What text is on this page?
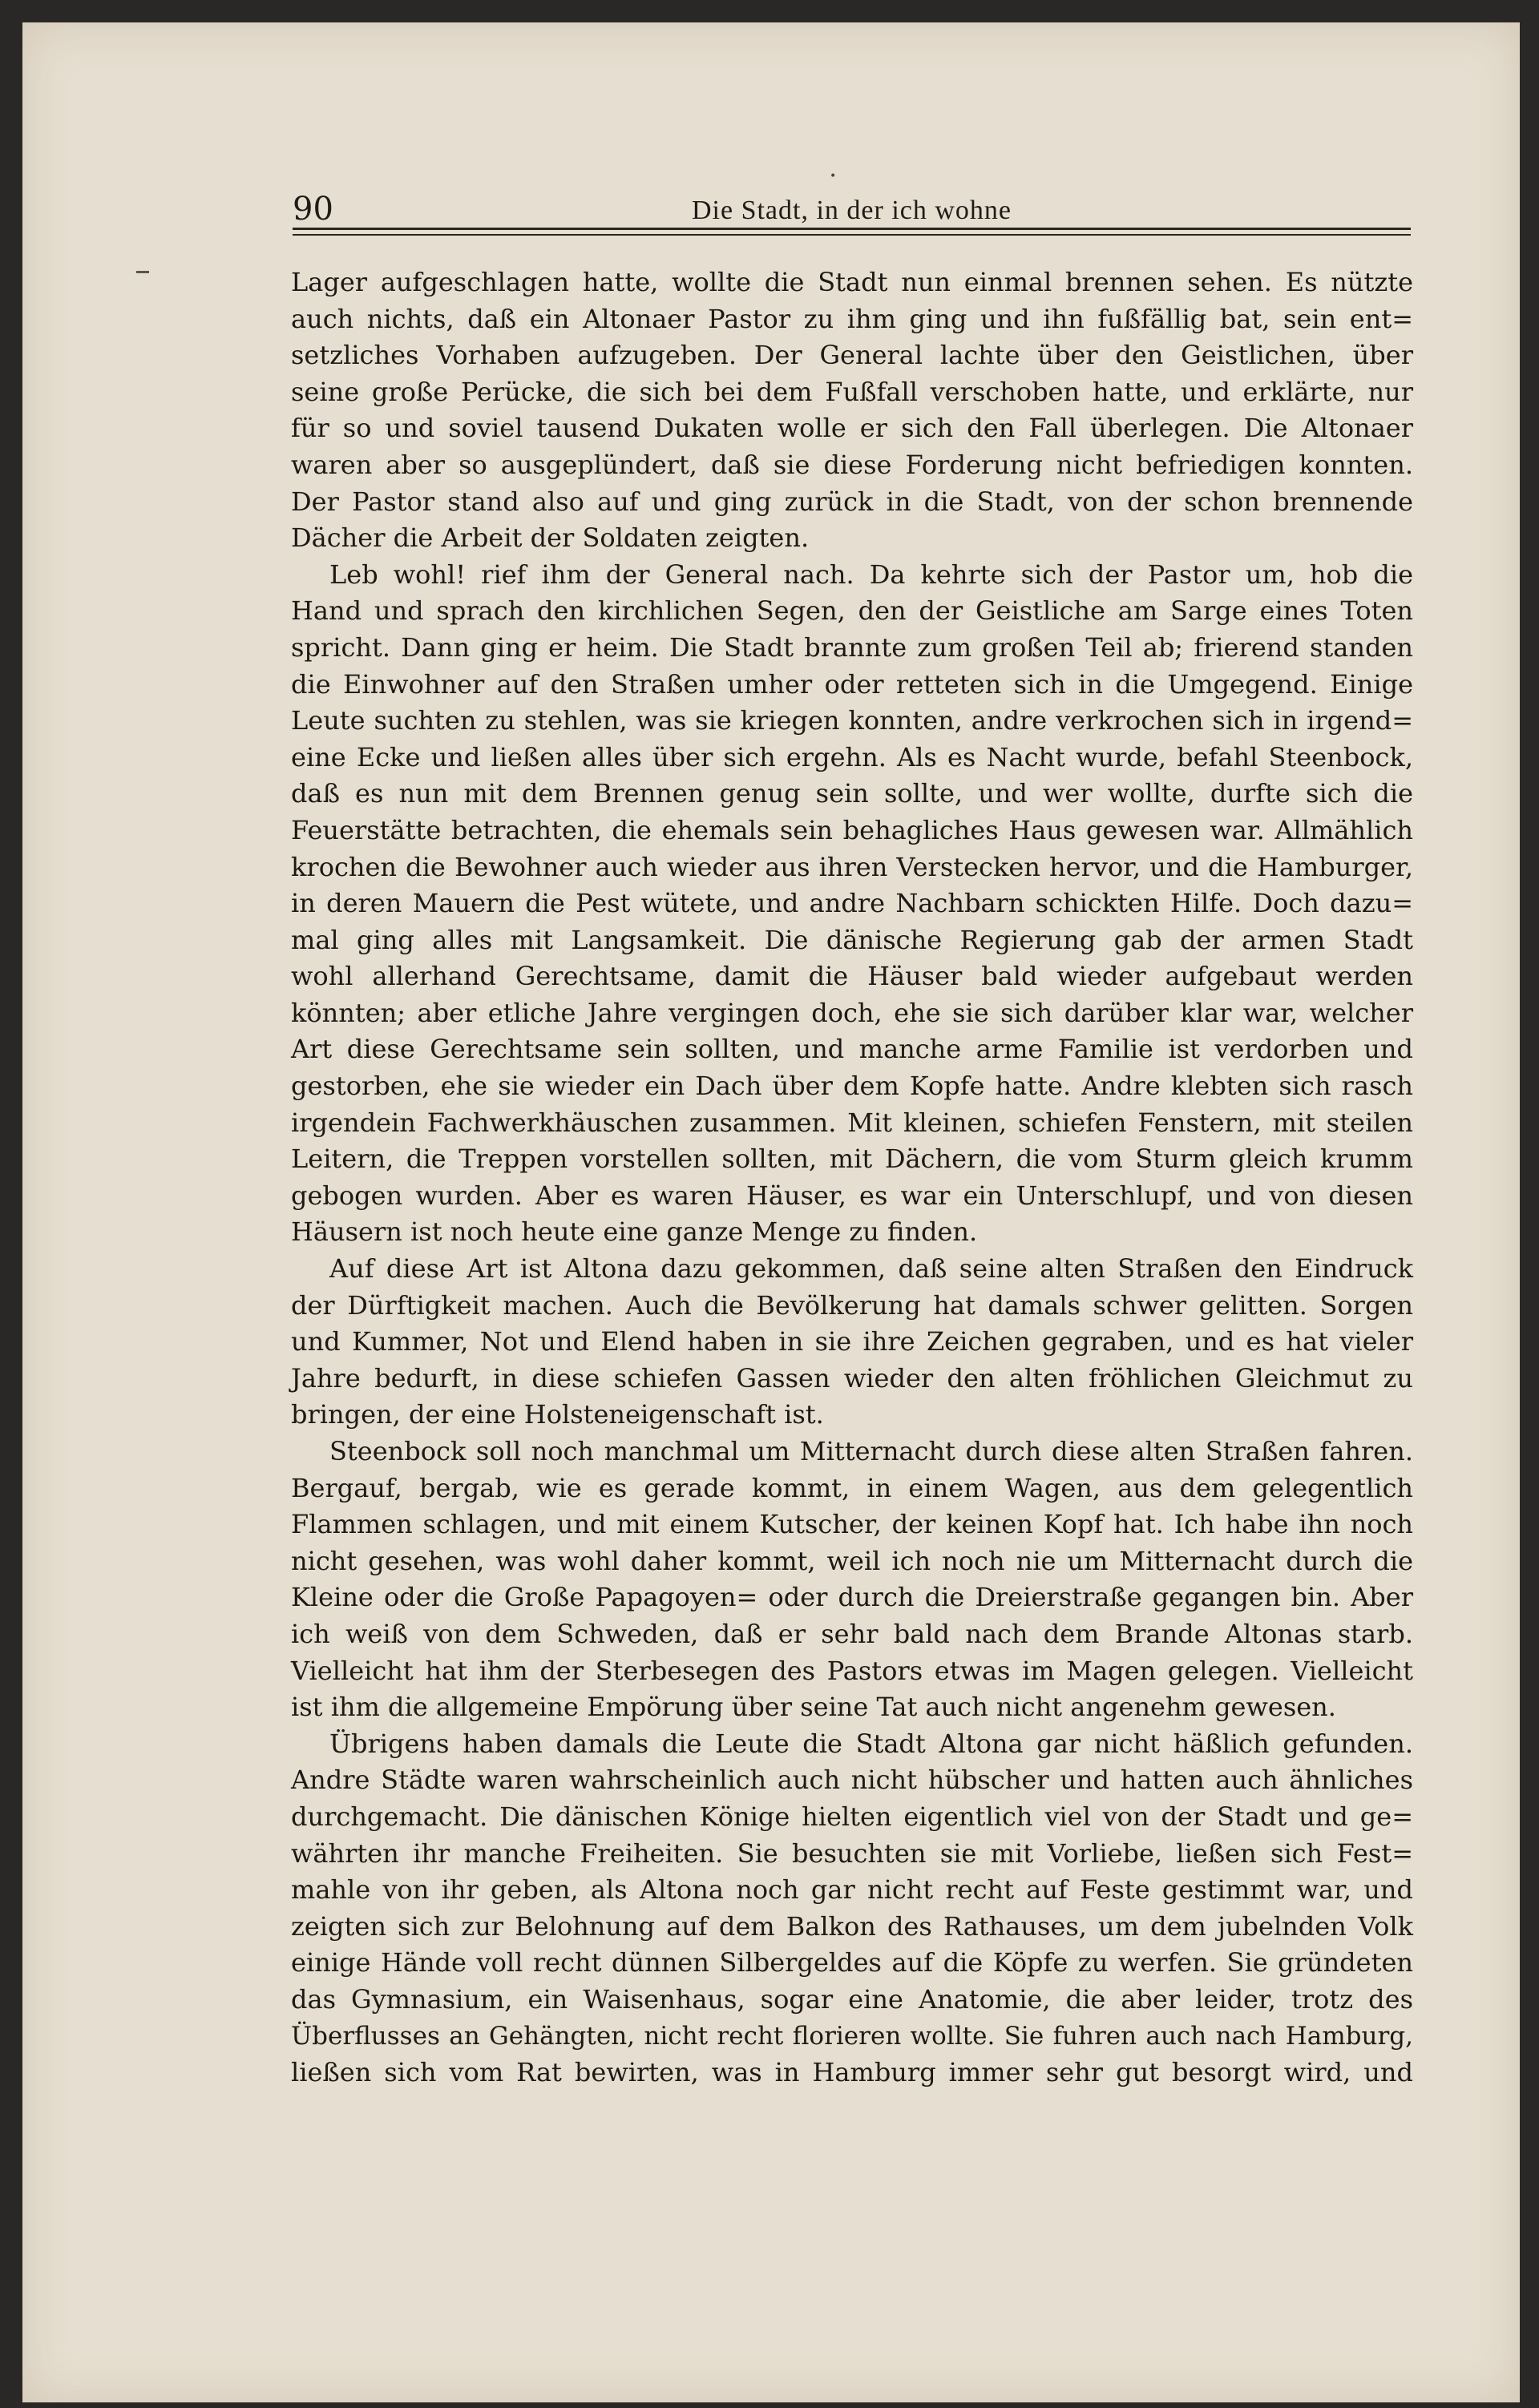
90	Die Stadt, in der ich wohne
•
Lager aufgeschlagen hatte, wollte die Stadt nun einmal brennen sehen. Es nützte
auch nichts, daß ein Altonaer Pastor zu ihm ging und ihn fußfällig bat, sein ent=
setzliches Vorhaben aufzugeben. Der General lachte über den Geistlichen, über
seine große Perücke, die sich bei dem Fußfall verschoben hatte, und erklärte, nur
für so und soviel tausend Dukaten wolle er sich den Fall überlegen. Die Altonaer
waren aber so ausgeplündert, daß sie diese Forderung nicht befriedigen konnten.
Der Pastor stand also auf und ging zurück in die Stadt, von der schon brennende
Dächer die Arbeit der Soldaten zeigten.
Leb wohl! rief ihm der General nach. Da kehrte sich der Pastor um, hob die
Hand und sprach den kirchlichen Segen, den der Geistliche am Sarge eines Toten
spricht. Dann ging er heim. Die Stadt brannte zum großen Teil ab; frierend standen
die Einwohner auf den Straßen umher oder retteten sich in die Umgegend. Einige
Leute suchten zu stehlen, was sie kriegen konnten, andre verkrochen sich in irgend=
eine Ecke und ließen alles über sich ergehn. Als es Nacht wurde, befahl Steenbock,
daß es nun mit dem Brennen genug sein sollte, und wer wollte, durfte sich die
Feuerstätte betrachten, die ehemals sein behagliches Haus gewesen war. Allmählich
krochen die Bewohner auch wieder aus ihren Verstecken hervor, und die Hamburger,
in deren Mauern die Pest wütete, und andre Nachbarn schickten Hilfe. Doch dazu=
mal ging alles mit Langsamkeit. Die dänische Regierung gab der armen Stadt
wohl allerhand Gerechtsame, damit die Häuser bald wieder aufgebaut werden
könnten; aber etliche Jahre vergingen doch, ehe sie sich darüber klar war, welcher
Art diese Gerechtsame sein sollten, und manche arme Familie ist verdorben und
gestorben, ehe sie wieder ein Dach über dem Kopfe hatte. Andre klebten sich rasch
irgendein Fachwerkhäuschen zusammen. Mit kleinen, schiefen Fenstern, mit steilen
Leitern, die Treppen vorstellen sollten, mit Dächern, die vom Sturm gleich krumm
gebogen wurden. Aber es waren Häuser, es war ein Unterschlupf, und von diesen
Häusern ist noch heute eine ganze Menge zu finden.
Auf diese Art ist Altona dazu gekommen, daß seine alten Straßen den Eindruck
der Dürftigkeit machen. Auch die Bevölkerung hat damals schwer gelitten. Sorgen
und Kummer, Not und Elend haben in sie ihre Zeichen gegraben, und es hat vieler
Jahre bedurft, in diese schiefen Gassen wieder den alten fröhlichen Gleichmut zu
bringen, der eine Holsteneigenschaft ist.
Steenbock soll noch manchmal um Mitternacht durch diese alten Straßen fahren.
Bergauf, bergab, wie es gerade kommt, in einem Wagen, aus dem gelegentlich
Flammen schlagen, und mit einem Kutscher, der keinen Kopf hat. Ich habe ihn noch
nicht gesehen, was wohl daher kommt, weil ich noch nie um Mitternacht durch die
Kleine oder die Große Papagoyen= oder durch die Dreierstraße gegangen bin. Aber
ich weiß von dem Schweden, daß er sehr bald nach dem Brande Altonas starb.
Vielleicht hat ihm der Sterbesegen des Pastors etwas im Magen gelegen. Vielleicht
ist ihm die allgemeine Empörung über seine Tat auch nicht angenehm gewesen.
Übrigens haben damals die Leute die Stadt Altona gar nicht häßlich gefunden.
Andre Städte waren wahrscheinlich auch nicht hübscher und hatten auch ähnliches
durchgemacht. Die dänischen Könige hielten eigentlich viel von der Stadt und ge=
währten ihr manche Freiheiten. Sie besuchten sie mit Vorliebe, ließen sich Fest=
mahle von ihr geben, als Altona noch gar nicht recht auf Feste gestimmt war, und
zeigten sich zur Belohnung auf dem Balkon des Rathauses, um dem jubelnden Volk
einige Hände voll recht dünnen Silbergeldes auf die Köpfe zu werfen. Sie gründeten
das Gymnasium, ein Waisenhaus, sogar eine Anatomie, die aber leider, trotz des
Überflusses an Gehängten, nicht recht florieren wollte. Sie fuhren auch nach Hamburg,
ließen sich vom Rat bewirten, was in Hamburg immer sehr gut besorgt wird, und
